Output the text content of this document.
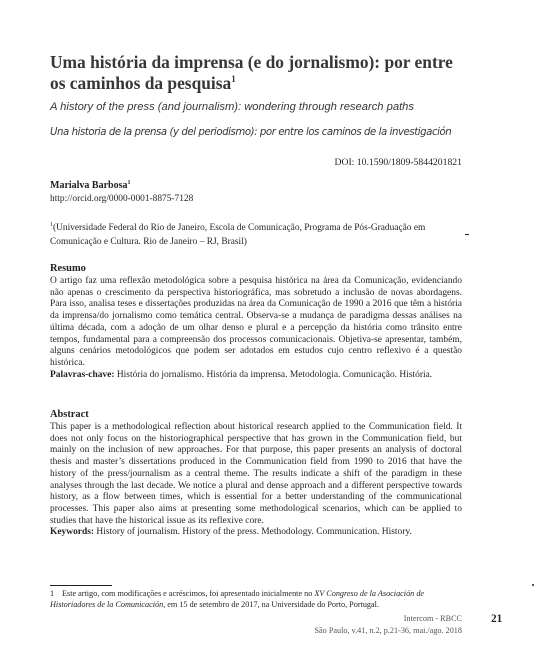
Uma história da imprensa (e do jornalismo): por entre os caminhos da pesquisa$^1$
A history of the press (and journalism): wondering through research paths
Una historia de la prensa (y del periodismo): por entre los caminos de la investigación
DOI: 10.1590/1809-5844201821
Marialva Barbosa$^1$
http://orcid.org/0000-0001-8875-7128
$^1$(Universidade Federal do Rio de Janeiro, Escola de Comunicação, Programa de Pós-Graduação em Comunicação e Cultura. Rio de Janeiro – RJ, Brasil)
Resumo
O artigo faz uma reflexão metodológica sobre a pesquisa histórica na área da Comunicação, evidenciando não apenas o crescimento da perspectiva historiográfica, mas sobretudo a inclusão de novas abordagens. Para isso, analisa teses e dissertações produzidas na área da Comunicação de 1990 a 2016 que têm a história da imprensa/do jornalismo como temática central. Observa-se a mudança de paradigma dessas análises na última década, com a adoção de um olhar denso e plural e a percepção da história como trânsito entre tempos, fundamental para a compreensão dos processos comunicacionais. Objetiva-se apresentar, também, alguns cenários metodológicos que podem ser adotados em estudos cujo centro reflexivo é a questão histórica.
Palavras-chave: História do jornalismo. História da imprensa. Metodologia. Comunicação. História.
Abstract
This paper is a methodological reflection about historical research applied to the Communication field. It does not only focus on the historiographical perspective that has grown in the Communication field, but mainly on the inclusion of new approaches. For that purpose, this paper presents an analysis of doctoral thesis and master’s dissertations produced in the Communication field from 1990 to 2016 that have the history of the press/journalism as a central theme. The results indicate a shift of the paradigm in these analyses through the last decade. We notice a plural and dense approach and a different perspective towards history, as a flow between times, which is essential for a better understanding of the communicational processes. This paper also aims at presenting some methodological scenarios, which can be applied to studies that have the historical issue as its reflexive core.
Keywords: History of journalism. History of the press. Methodology. Communication. History.
1 Este artigo, com modificações e acréscimos, foi apresentado inicialmente no XV Congreso de la Asociación de Historiadores de la Comunicación, em 15 de setembro de 2017, na Universidade do Porto, Portugal.
Intercom - RBCC
São Paulo, v.41, n.2, p.21-36, mai./ago. 2018
21
